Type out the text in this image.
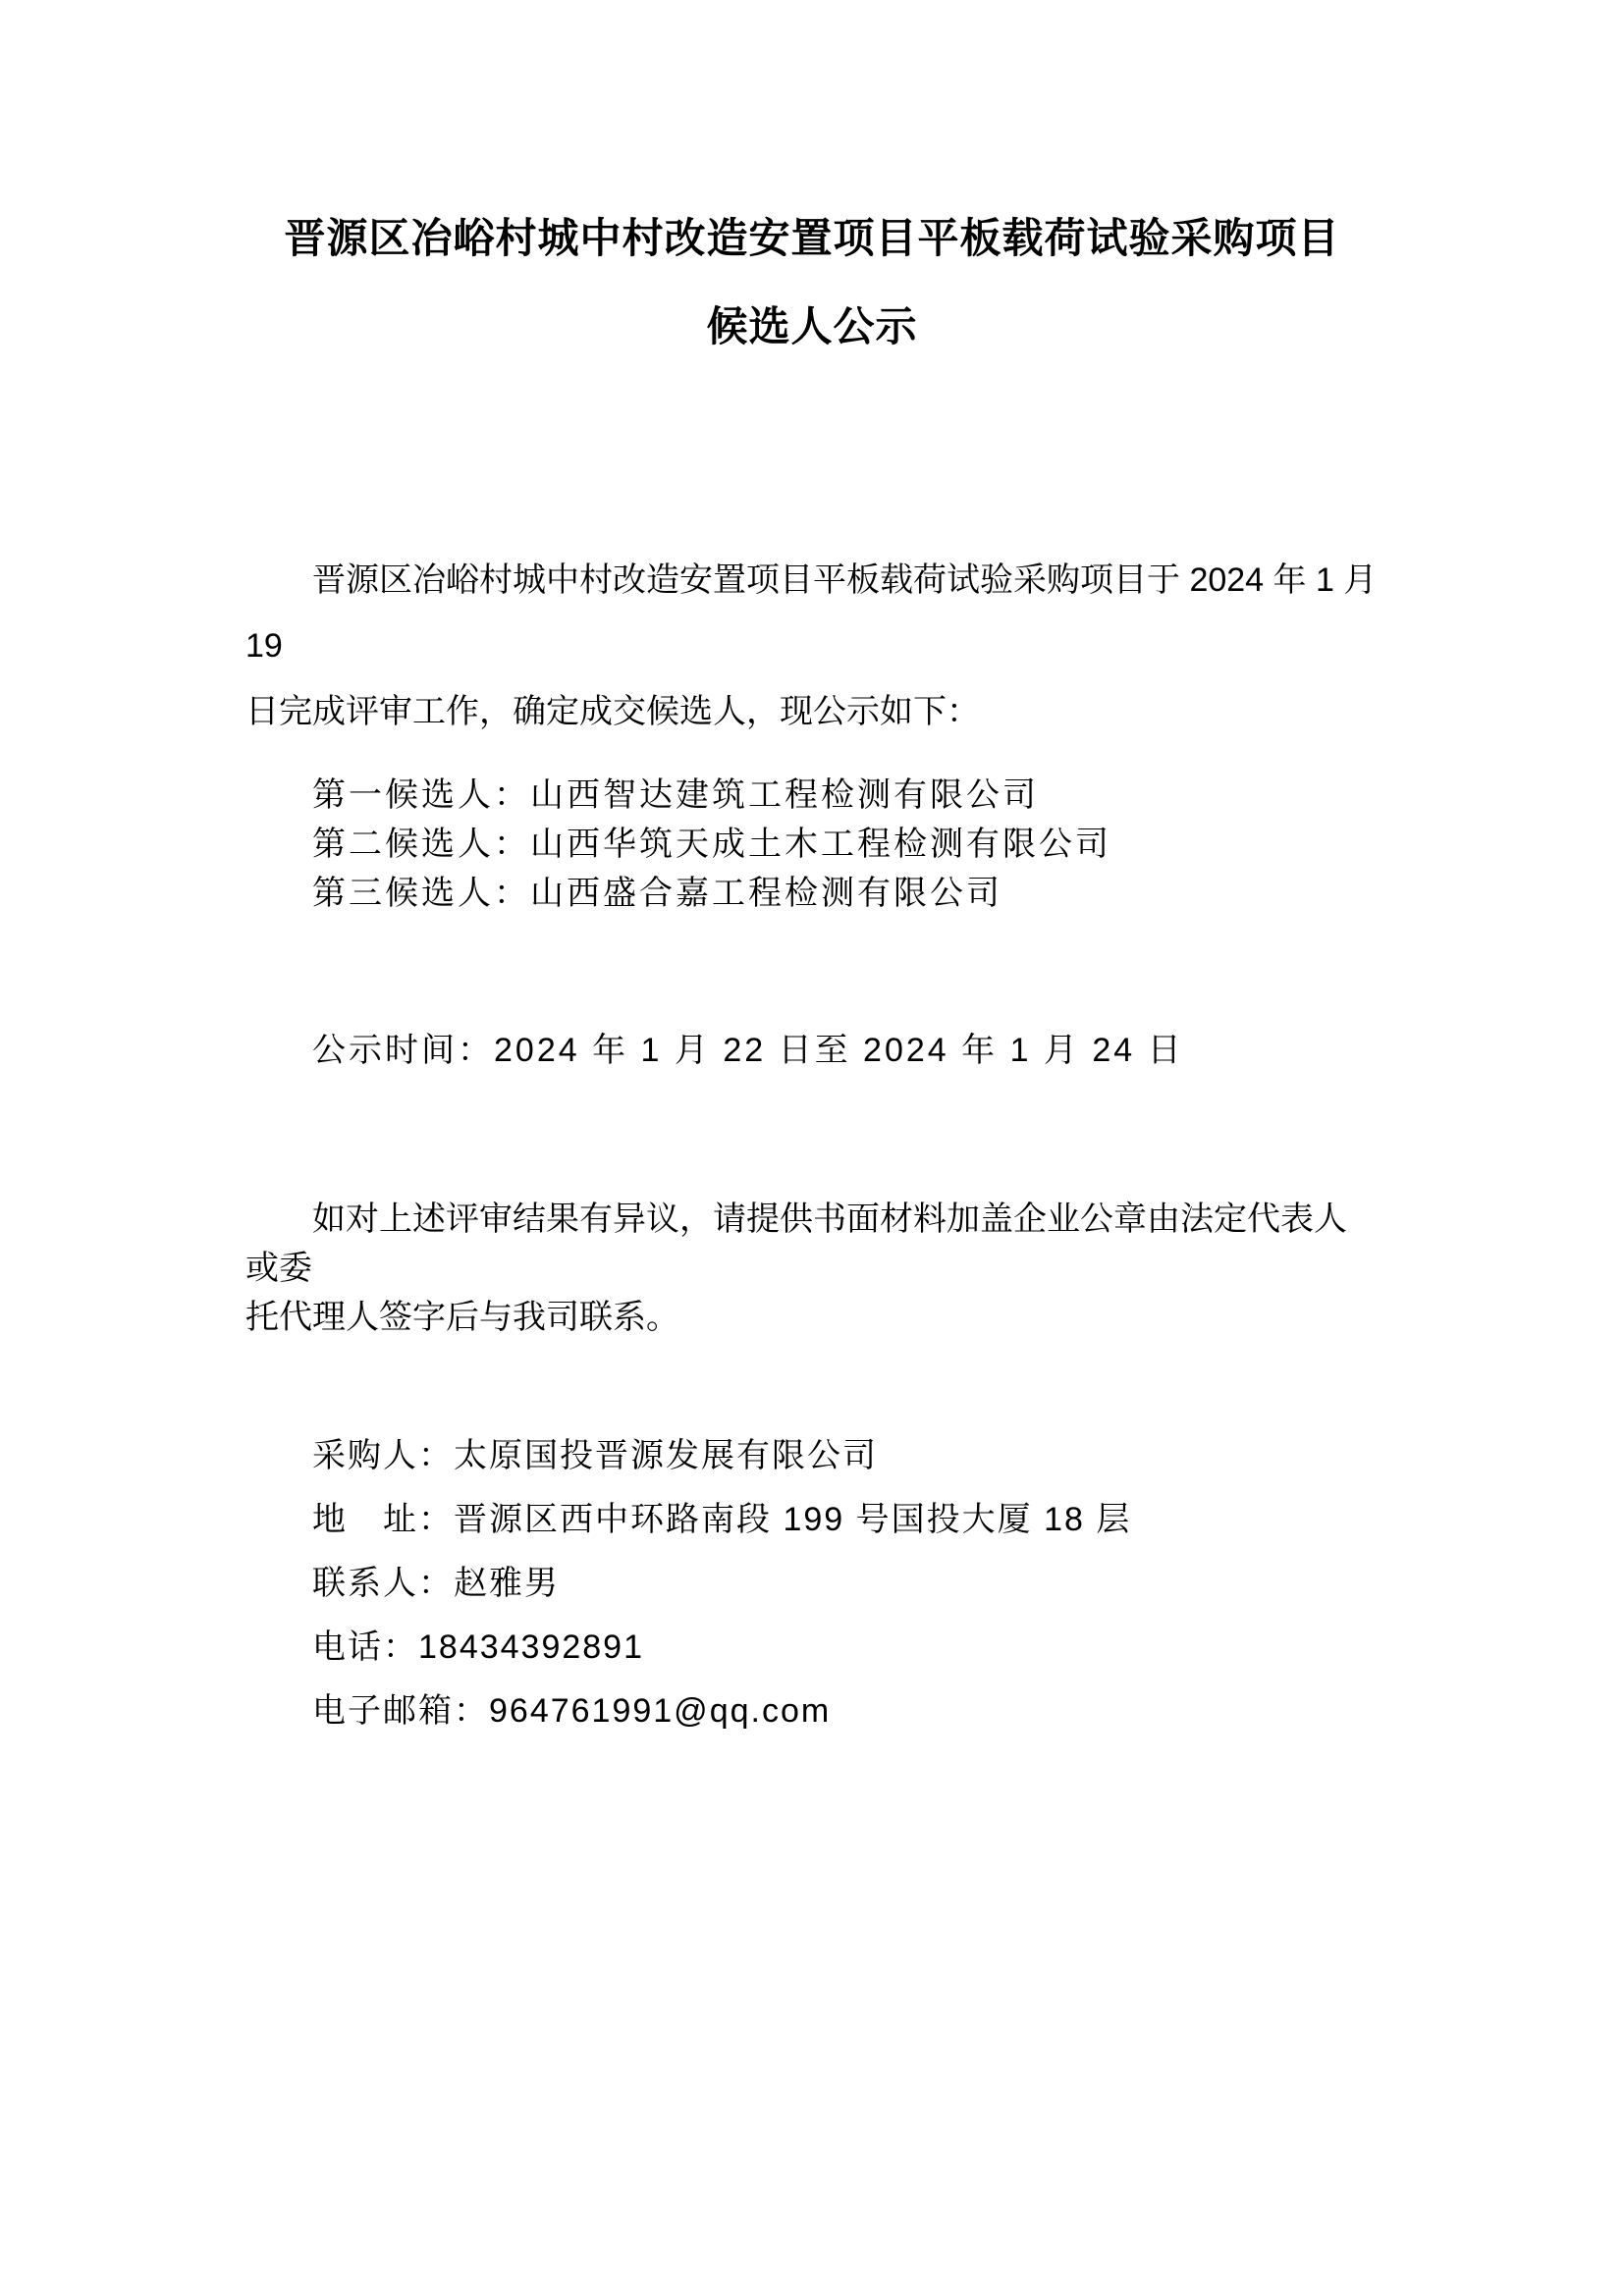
晋源区冶峪村城中村改造安置项目平板载荷试验采购项目
候选人公示

晋源区冶峪村城中村改造安置项目平板载荷试验采购项目于 2024 年 1 月 19
日完成评审工作，确定成交候选人，现公示如下：

第一候选人：山西智达建筑工程检测有限公司
第二候选人：山西华筑天成土木工程检测有限公司
第三候选人：山西盛合嘉工程检测有限公司
公示时间：2024 年 1 月 22 日至 2024 年 1 月 24 日

如对上述评审结果有异议，请提供书面材料加盖企业公章由法定代表人或委
托代理人签字后与我司联系。

采购人：太原国投晋源发展有限公司
地　址：晋源区西中环路南段 199 号国投大厦 18 层
联系人：赵雅男
电话：18434392891
电子邮箱：964761991@qq.com
